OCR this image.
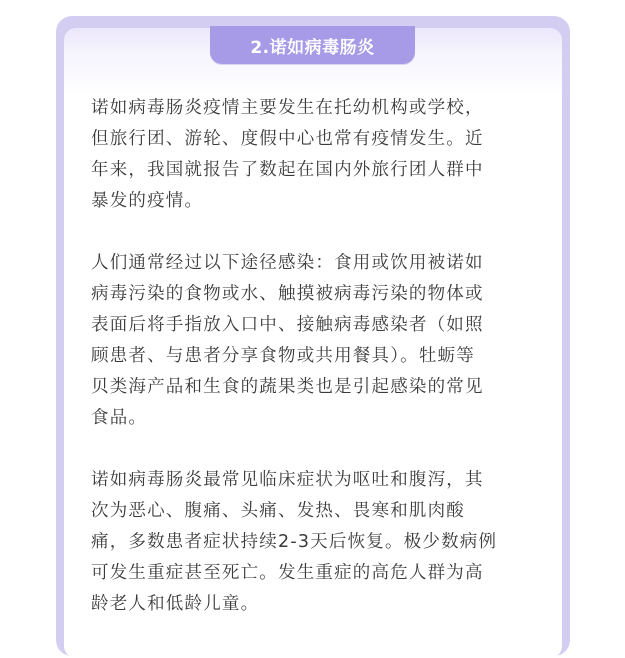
2.诺如病毒肠炎
诺如病毒肠炎疫情主要发生在托幼机构或学校，
但旅行团、游轮、度假中心也常有疫情发生。近
年来，我国就报告了数起在国内外旅行团人群中
暴发的疫情。
人们通常经过以下途径感染：食用或饮用被诺如
病毒污染的食物或水、触摸被病毒污染的物体或
表面后将手指放入口中、接触病毒感染者（如照
顾患者、与患者分享食物或共用餐具）。牡蛎等
贝类海产品和生食的蔬果类也是引起感染的常见
食品。
诺如病毒肠炎最常见临床症状为呕吐和腹泻，其
次为恶心、腹痛、头痛、发热、畏寒和肌肉酸
痛，多数患者症状持续2-3天后恢复。极少数病例
可发生重症甚至死亡。发生重症的高危人群为高
龄老人和低龄儿童。
